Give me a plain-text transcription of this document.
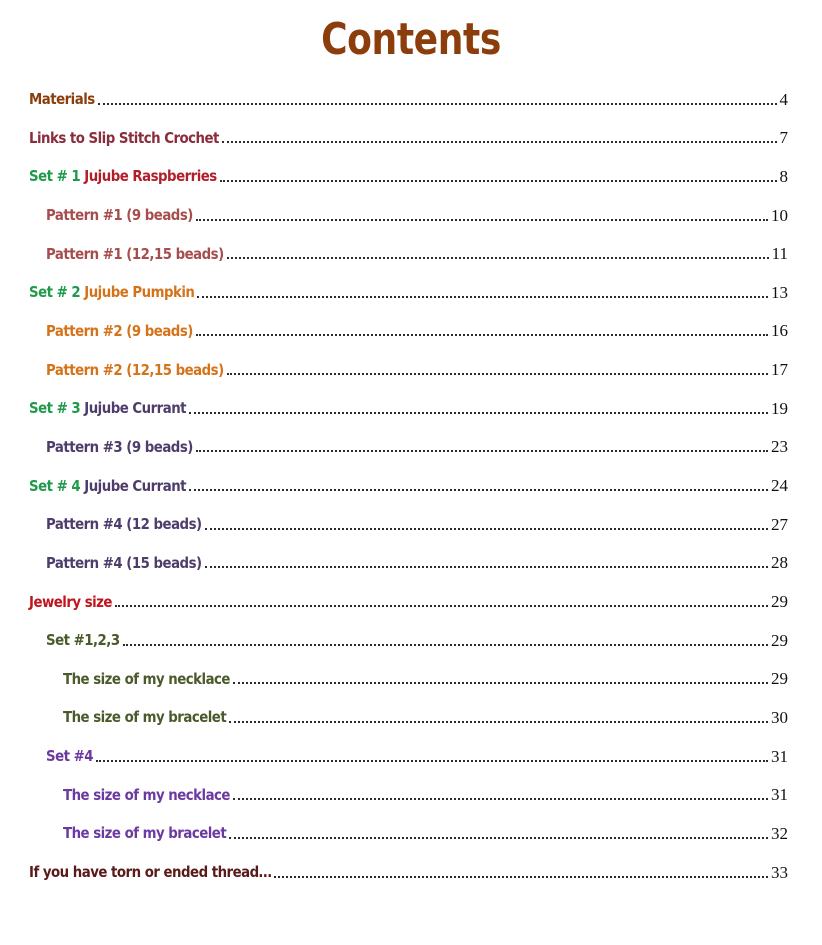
Contents
Materials	4
Links to Slip Stitch Crochet	7
Set # 1 Jujube Raspberries	8
Pattern #1 (9 beads)	10
Pattern #1 (12,15 beads)	11
Set # 2 Jujube Pumpkin	13
Pattern #2 (9 beads)	16
Pattern #2 (12,15 beads)	17
Set # 3 Jujube Currant	19
Pattern #3 (9 beads)	23
Set # 4 Jujube Currant	24
Pattern #4 (12 beads)	27
Pattern #4 (15 beads)	28
Jewelry size	29
Set #1,2,3	29
The size of my necklace	29
The size of my bracelet	30
Set #4	31
The size of my necklace	31
The size of my bracelet	32
If you have torn or ended thread…	33
